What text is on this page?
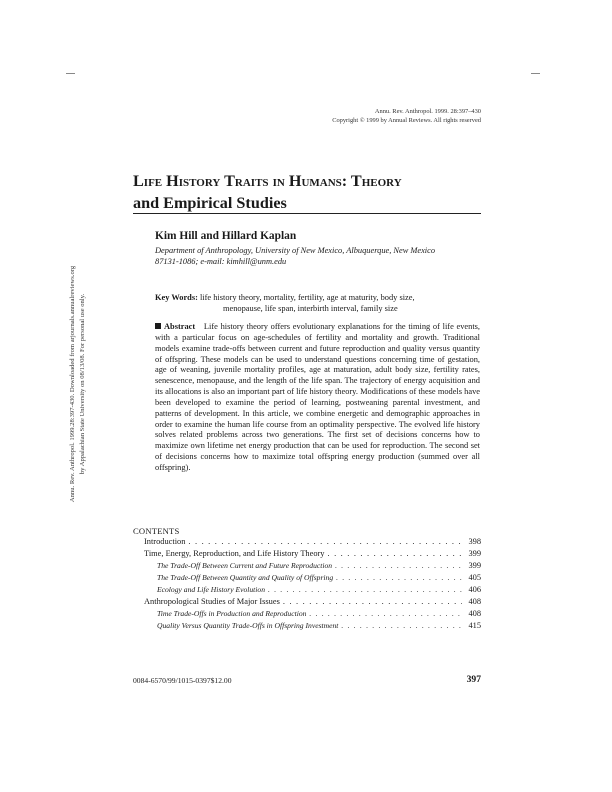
Annu. Rev. Anthropol. 1999. 28:397–430
Copyright © 1999 by Annual Reviews. All rights reserved
Annu. Rev. Anthropol. 1999.28:397-430. Downloaded from arjournals.annualreviews.org by Appalachian State University on 08/13/08. For personal use only.
Life History Traits in Humans: Theory
and Empirical Studies
Kim Hill and Hillard Kaplan
Department of Anthropology, University of New Mexico, Albuquerque, New Mexico
87131-1086; e-mail: kimhill@unm.edu
Key Words: life history theory, mortality, fertility, age at maturity, body size,
menopause, life span, interbirth interval, family size
Abstract Life history theory offers evolutionary explanations for the timing of life events, with a particular focus on age-schedules of fertility and mortality and growth. Traditional models examine trade-offs between current and future reproduction and quality versus quantity of offspring. These models can be used to understand questions concerning time of gestation, age of weaning, juvenile mortality profiles, age at maturation, adult body size, fertility rates, senescence, menopause, and the length of the life span. The trajectory of energy acquisition and its allocations is also an important part of life history theory. Modifications of these models have been developed to examine the period of learning, postweaning parental investment, and patterns of development. In this article, we combine energetic and demographic approaches in order to examine the human life course from an optimality perspective. The evolved life history solves related problems across two generations. The first set of decisions concerns how to maximize own lifetime net energy production that can be used for reproduction. The second set of decisions concerns how to maximize total offspring energy production (summed over all offspring).
CONTENTS
Introduction . . .	398
Time, Energy, Reproduction, and Life History Theory . . .	399
The Trade-Off Between Current and Future Reproduction . . .	399
The Trade-Off Between Quantity and Quality of Offspring . . .	405
Ecology and Life History Evolution . . .	406
Anthropological Studies of Major Issues . . .	408
Time Trade-Offs in Production and Reproduction . . .	408
Quality Versus Quantity Trade-Offs in Offspring Investment . . .	415
0084-6570/99/1015-0397$12.00	397
